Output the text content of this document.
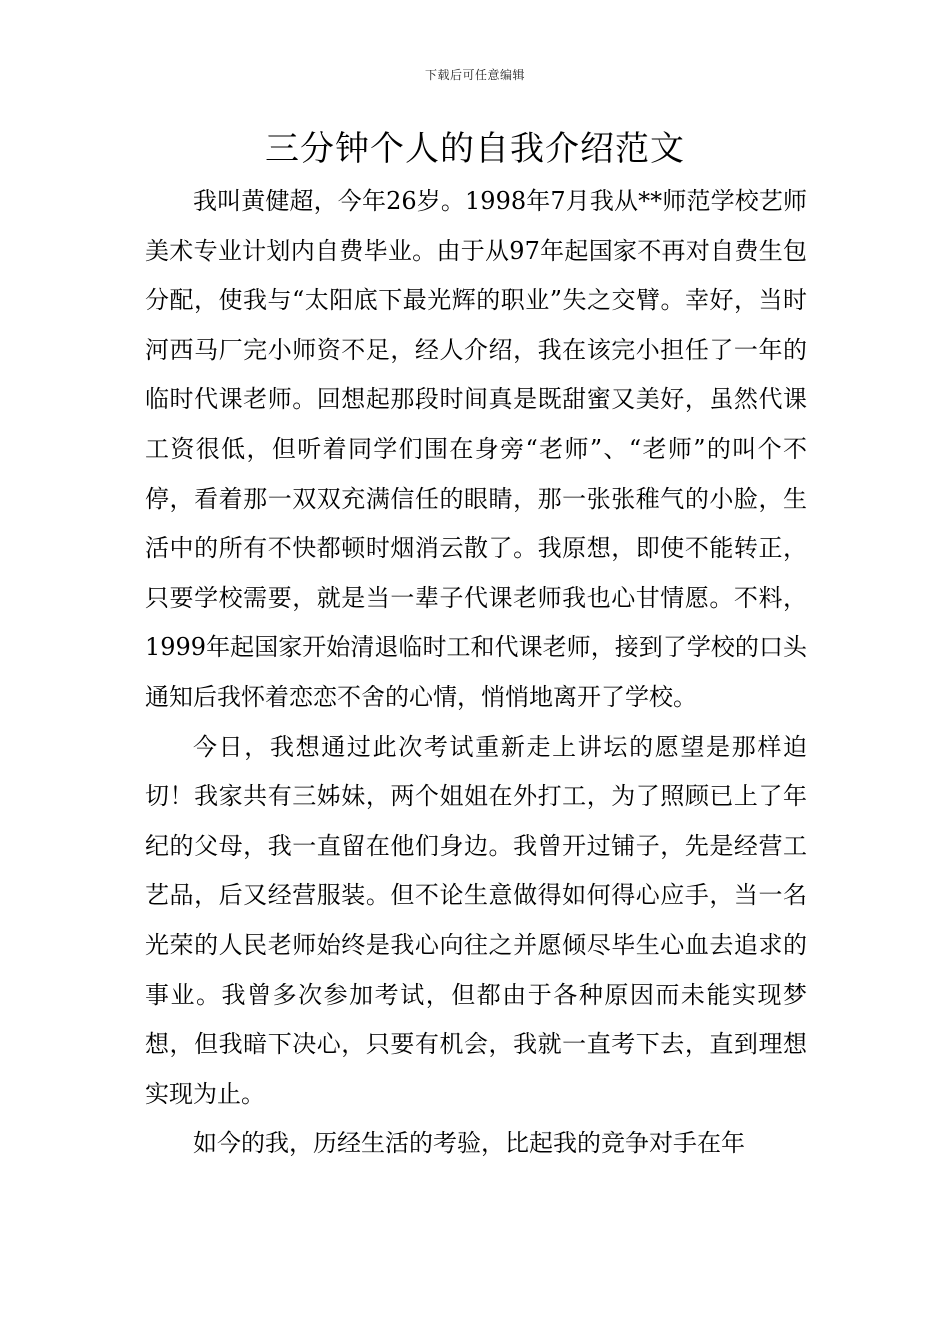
下载后可任意编辑
三分钟个人的自我介绍范文

我叫黄健超，今年26岁。1998年7月我从**师范学校艺师美术专业计划内自费毕业。由于从97年起国家不再对自费生包分配，使我与“太阳底下最光辉的职业”失之交臂。幸好，当时河西马厂完小师资不足，经人介绍，我在该完小担任了一年的临时代课老师。回想起那段时间真是既甜蜜又美好，虽然代课工资很低，但听着同学们围在身旁“老师”、“老师”的叫个不停，看着那一双双充满信任的眼睛，那一张张稚气的小脸，生活中的所有不快都顿时烟消云散了。我原想，即使不能转正，只要学校需要，就是当一辈子代课老师我也心甘情愿。不料，1999年起国家开始清退临时工和代课老师，接到了学校的口头通知后我怀着恋恋不舍的心情，悄悄地离开了学校。

今日，我想通过此次考试重新走上讲坛的愿望是那样迫切！我家共有三姊妹，两个姐姐在外打工，为了照顾已上了年纪的父母，我一直留在他们身边。我曾开过铺子，先是经营工艺品，后又经营服装。但不论生意做得如何得心应手，当一名光荣的人民老师始终是我心向往之并愿倾尽毕生心血去追求的事业。我曾多次参加考试，但都由于各种原因而未能实现梦想，但我暗下决心，只要有机会，我就一直考下去，直到理想实现为止。

如今的我，历经生活的考验，比起我的竞争对手在年
